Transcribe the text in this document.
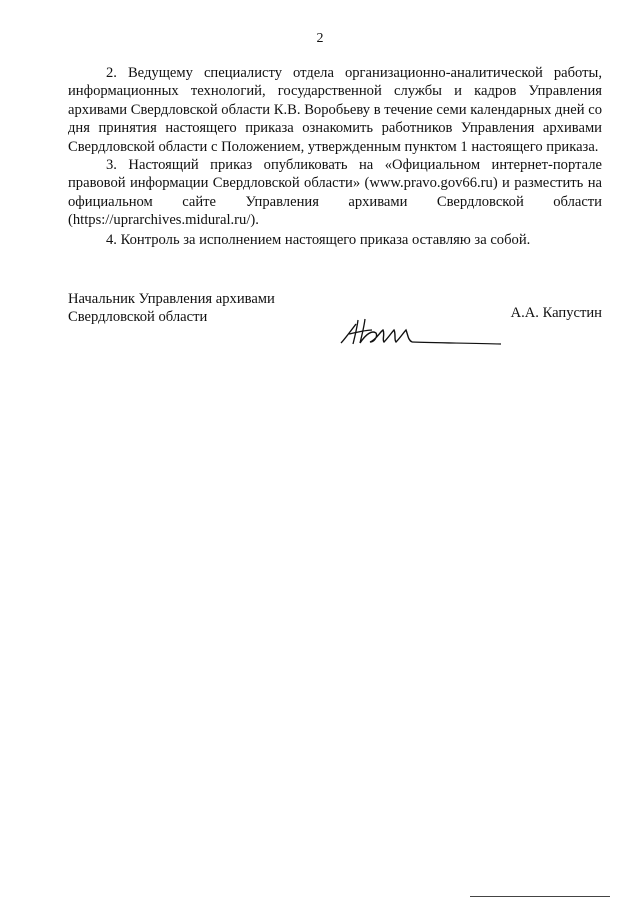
2

2. Ведущему специалисту отдела организационно-аналитической работы, информационных технологий, государственной службы и кадров Управления архивами Свердловской области К.В. Воробьеву в течение семи календарных дней со дня принятия настоящего приказа ознакомить работников Управления архивами Свердловской области с Положением, утвержденным пунктом 1 настоящего приказа.

3. Настоящий приказ опубликовать на «Официальном интернет-портале правовой информации Свердловской области» (www.pravo.gov66.ru) и разместить на официальном сайте Управления архивами Свердловской области (https://uprarchives.midural.ru/).

4. Контроль за исполнением настоящего приказа оставляю за собой.

Начальник Управления архивами
Свердловской области	А.А. Капустин
